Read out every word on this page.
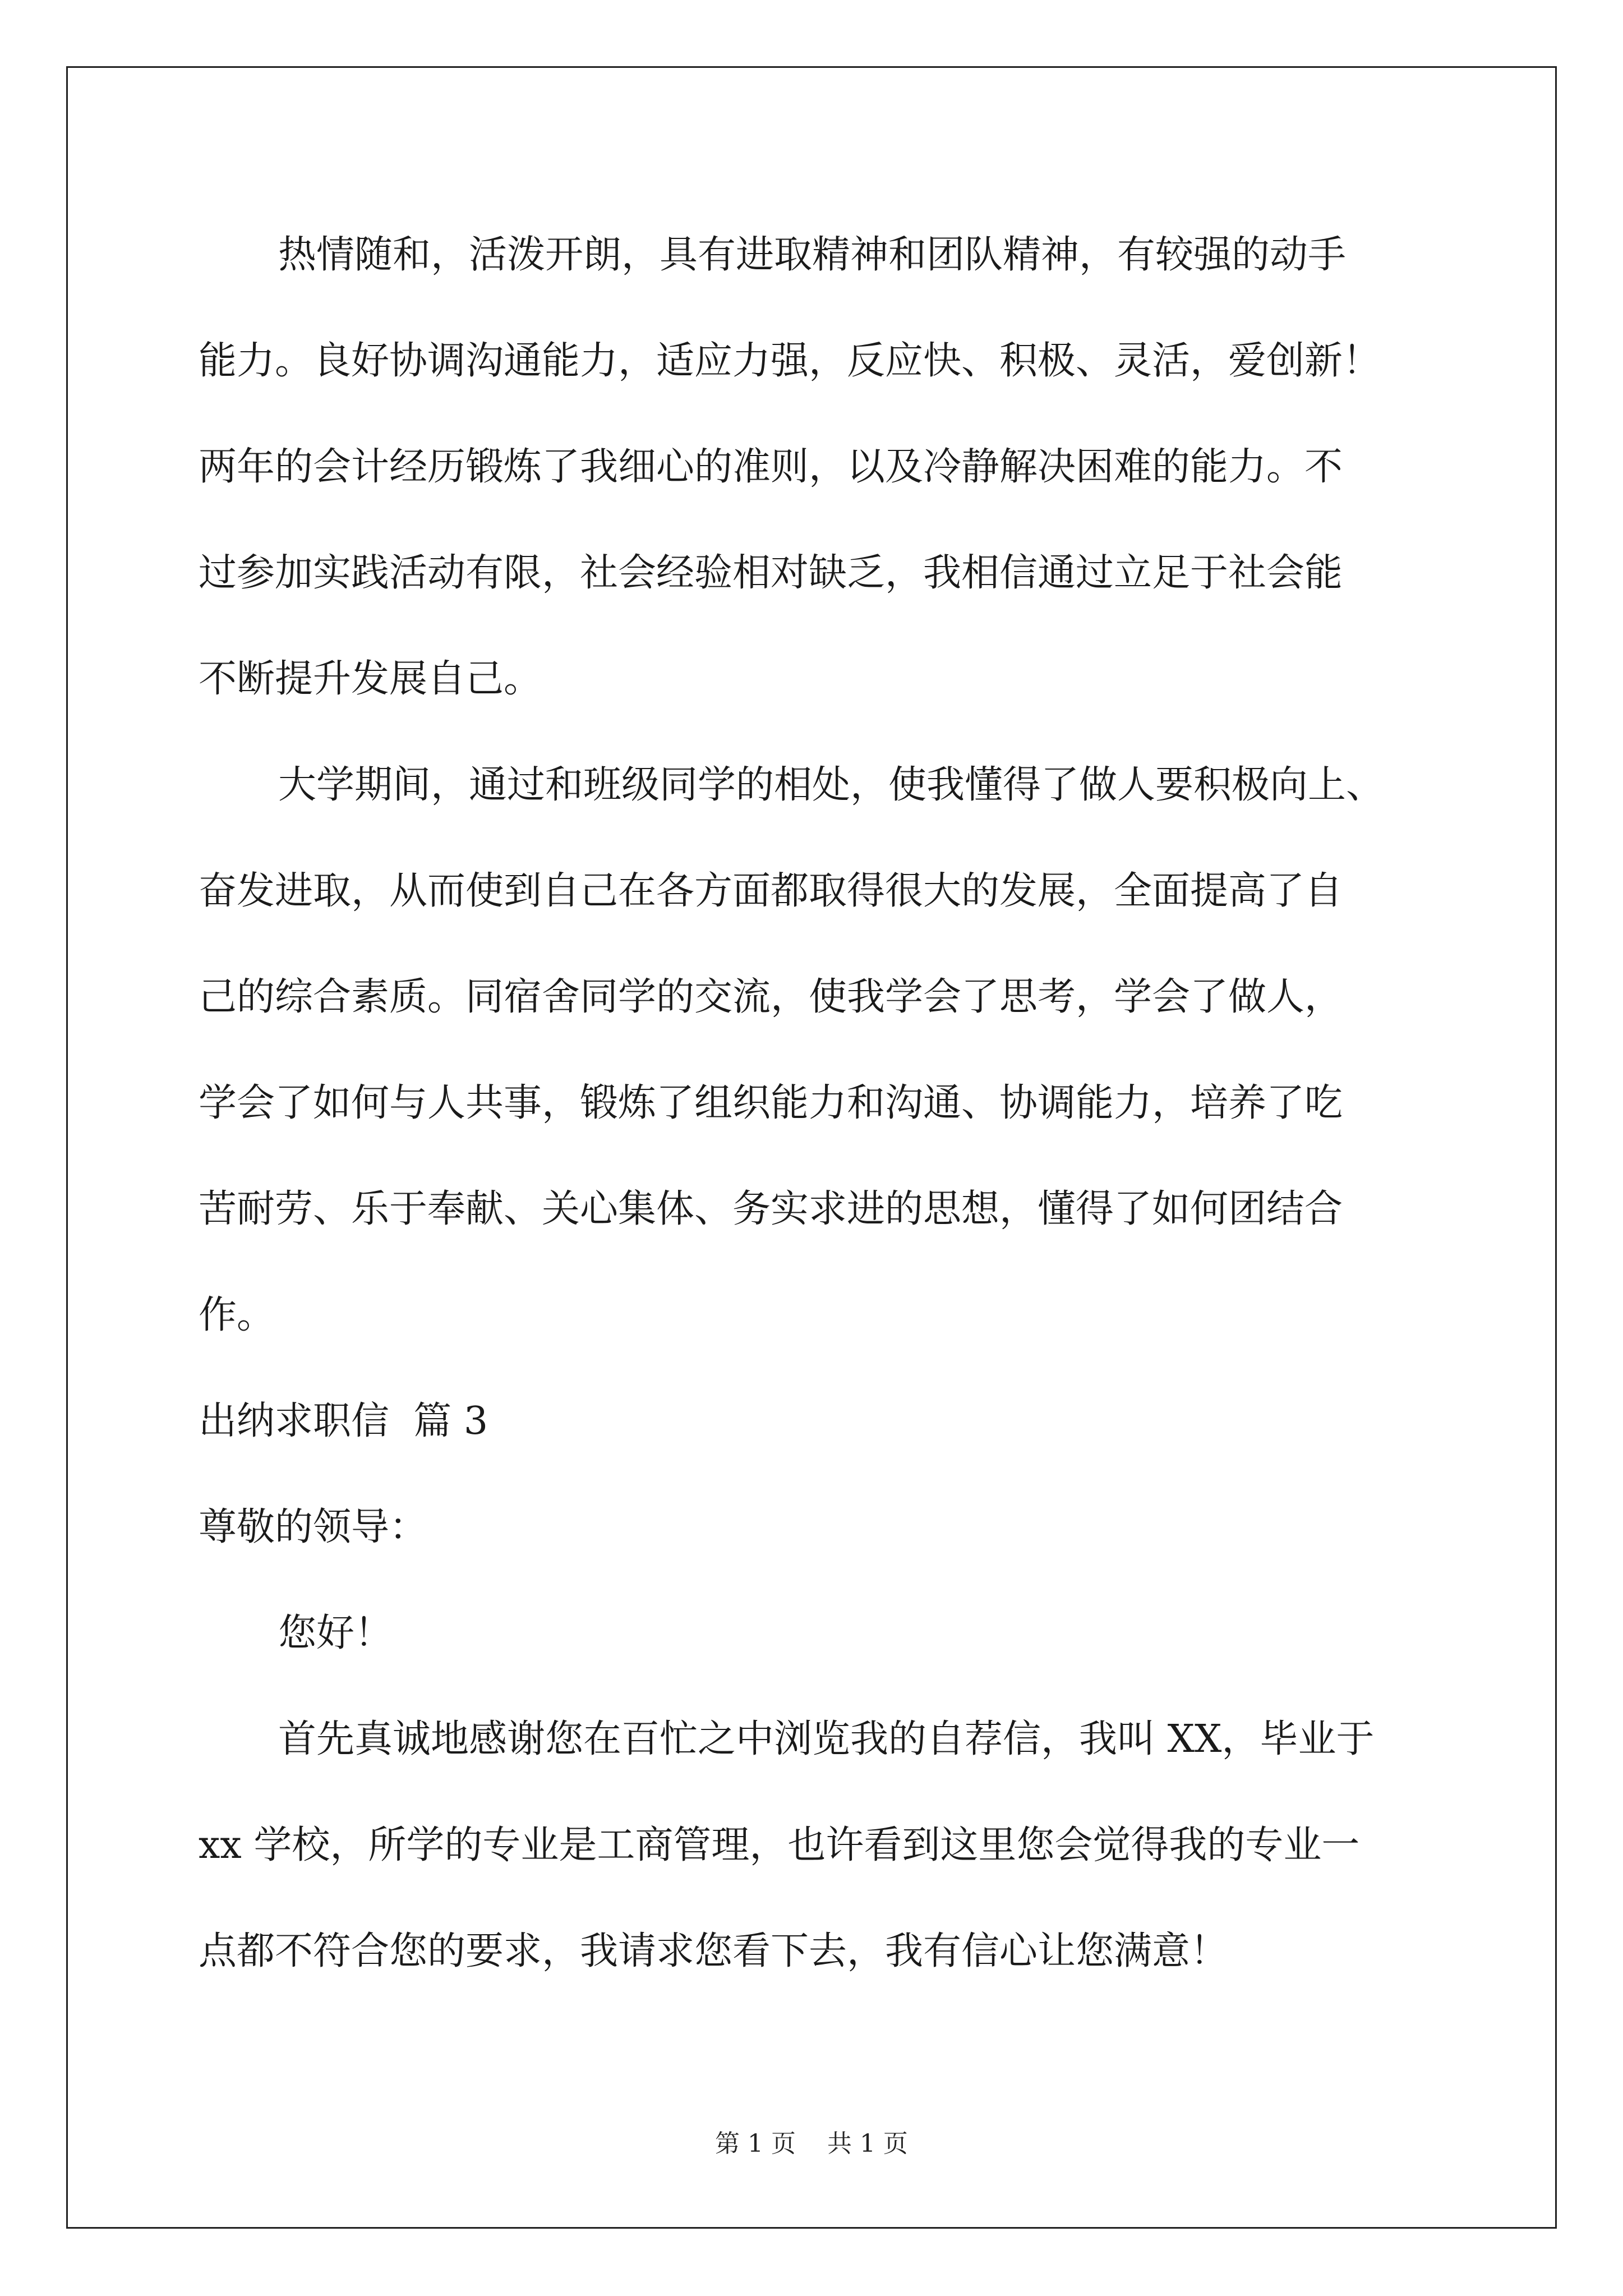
热情随和，活泼开朗，具有进取精神和团队精神，有较强的动手
能力。良好协调沟通能力，适应力强，反应快、积极、灵活，爱创新！
两年的会计经历锻炼了我细心的准则，以及冷静解决困难的能力。不
过参加实践活动有限，社会经验相对缺乏，我相信通过立足于社会能
不断提升发展自己。
大学期间，通过和班级同学的相处，使我懂得了做人要积极向上、
奋发进取，从而使到自己在各方面都取得很大的发展，全面提高了自
己的综合素质。同宿舍同学的交流，使我学会了思考，学会了做人，
学会了如何与人共事，锻炼了组织能力和沟通、协调能力，培养了吃
苦耐劳、乐于奉献、关心集体、务实求进的思想，懂得了如何团结合
作。
出纳求职信  篇 3
尊敬的领导：
您好！
首先真诚地感谢您在百忙之中浏览我的自荐信，我叫 XX，毕业于
xx 学校，所学的专业是工商管理，也许看到这里您会觉得我的专业一
点都不符合您的要求，我请求您看下去，我有信心让您满意！
第 1 页    共 1 页
